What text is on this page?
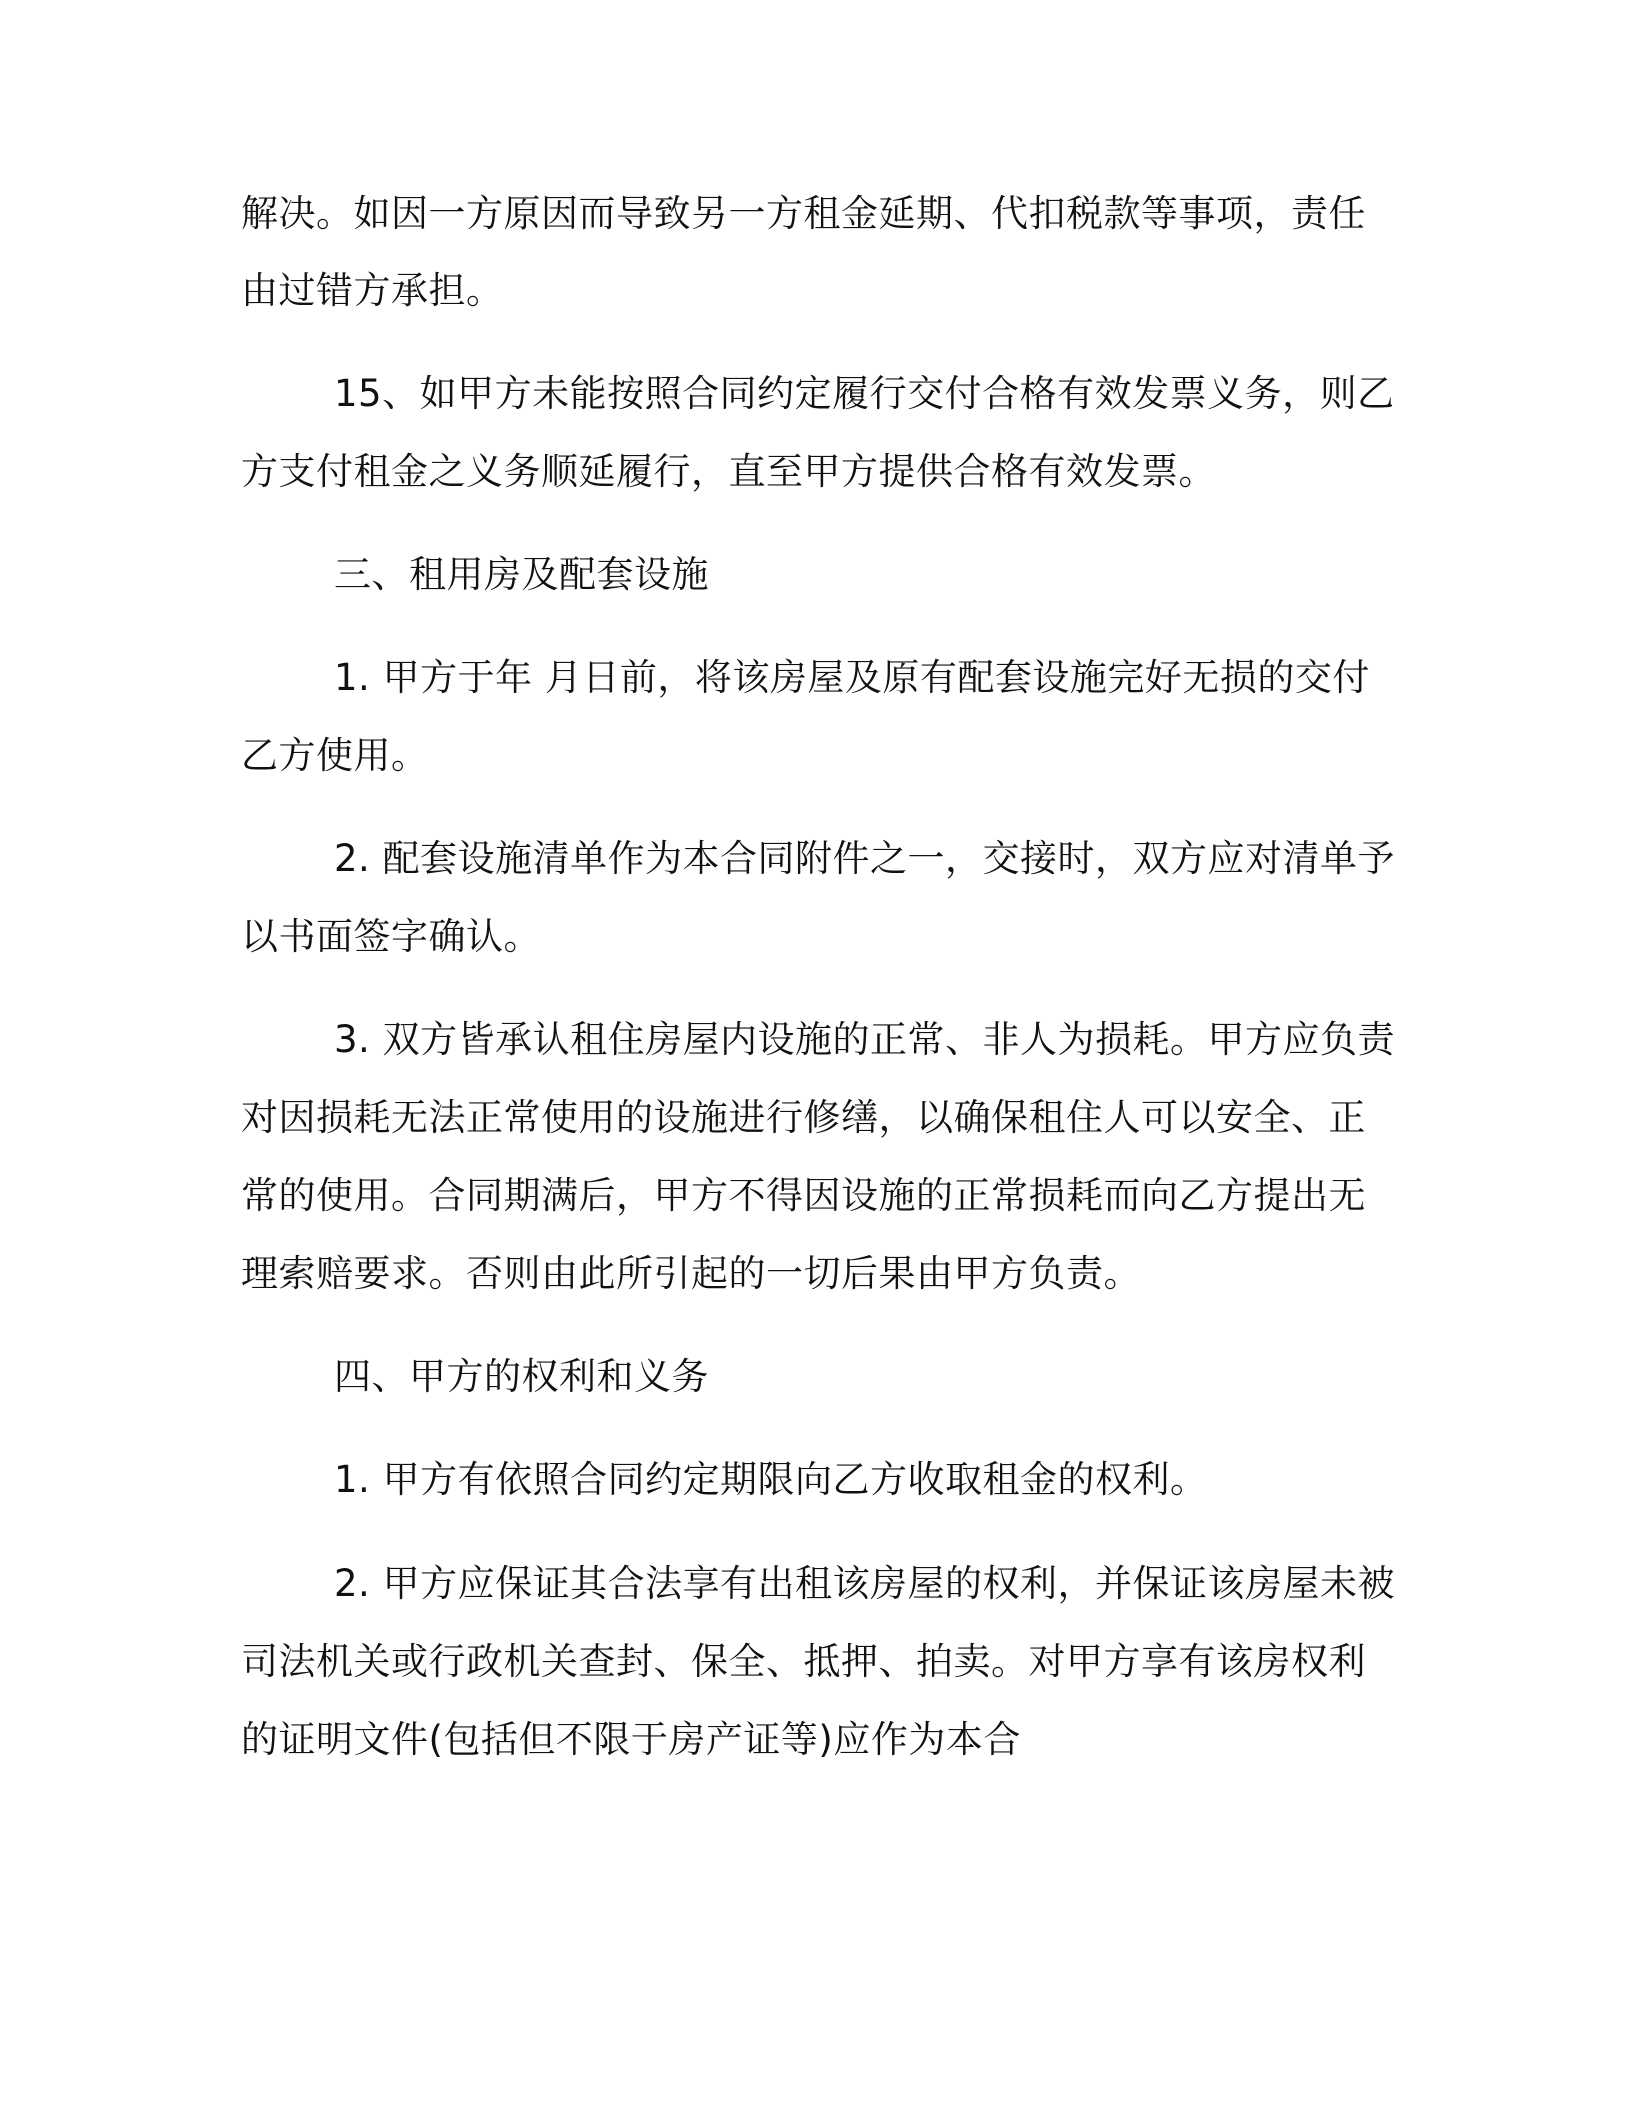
解决。如因一方原因而导致另一方租金延期、代扣税款等事项，责任
由过错方承担。
15、如甲方未能按照合同约定履行交付合格有效发票义务，则乙
方支付租金之义务顺延履行，直至甲方提供合格有效发票。
三、租用房及配套设施
1. 甲方于年 月日前，将该房屋及原有配套设施完好无损的交付
乙方使用。
2. 配套设施清单作为本合同附件之一，交接时，双方应对清单予
以书面签字确认。
3. 双方皆承认租住房屋内设施的正常、非人为损耗。甲方应负责
对因损耗无法正常使用的设施进行修缮，以确保租住人可以安全、正
常的使用。合同期满后，甲方不得因设施的正常损耗而向乙方提出无
理索赔要求。否则由此所引起的一切后果由甲方负责。
四、甲方的权利和义务
1. 甲方有依照合同约定期限向乙方收取租金的权利。
2. 甲方应保证其合法享有出租该房屋的权利，并保证该房屋未被
司法机关或行政机关查封、保全、抵押、拍卖。对甲方享有该房权利
的证明文件(包括但不限于房产证等)应作为本合
